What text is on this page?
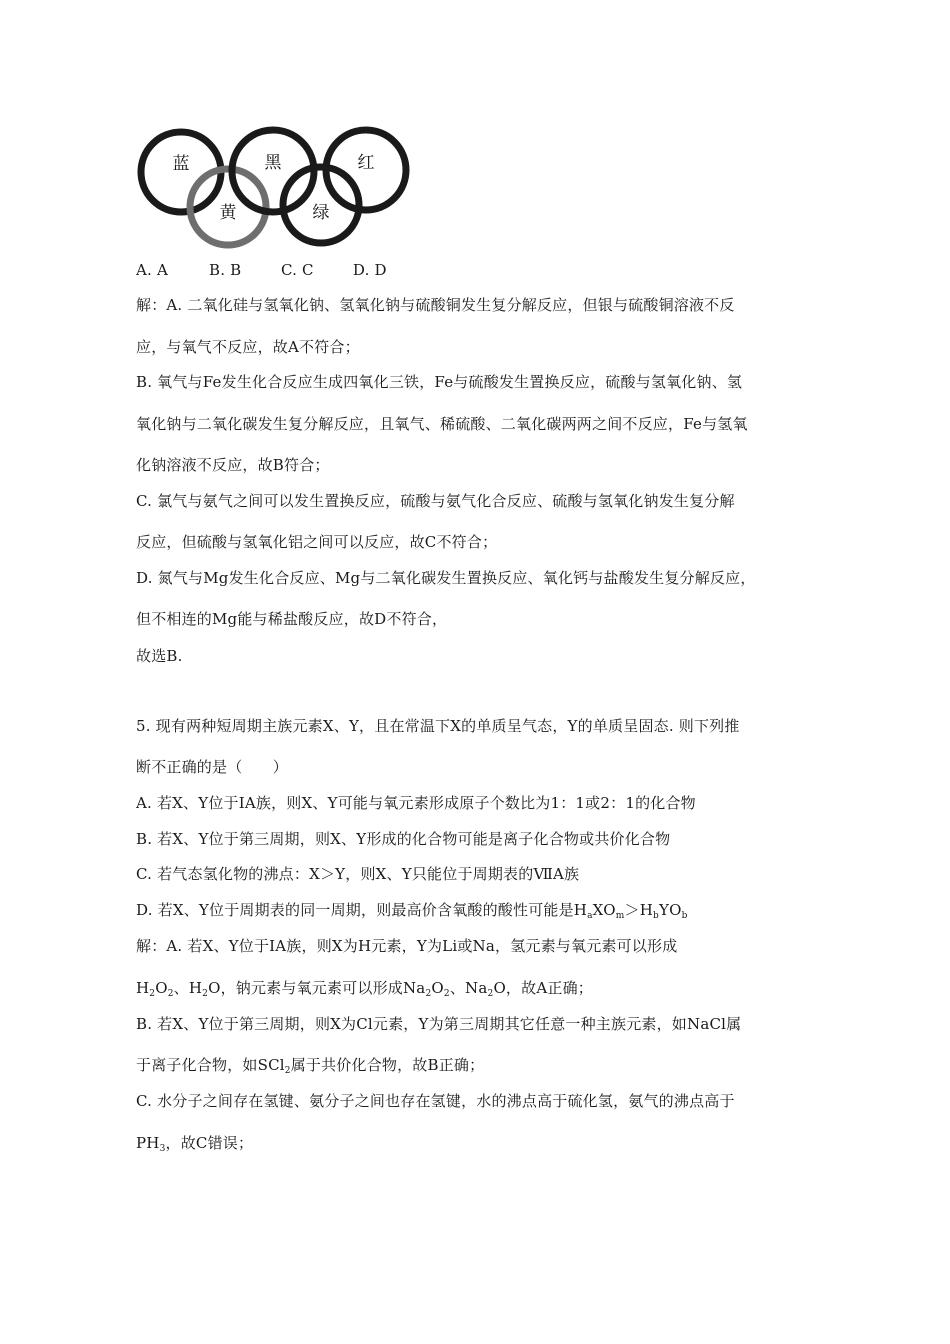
蓝	黑	红
黄	绿
A. A	B. B	C. C	D. D
解：A. 二氧化硅与氢氧化钠、氢氧化钠与硫酸铜发生复分解反应，但银与硫酸铜溶液不反
应，与氧气不反应，故A不符合；
B. 氧气与Fe发生化合反应生成四氧化三铁，Fe与硫酸发生置换反应，硫酸与氢氧化钠、氢
氧化钠与二氧化碳发生复分解反应，且氧气、稀硫酸、二氧化碳两两之间不反应，Fe与氢氧
化钠溶液不反应，故B符合；
C. 氯气与氨气之间可以发生置换反应，硫酸与氨气化合反应、硫酸与氢氧化钠发生复分解
反应，但硫酸与氢氧化铝之间可以反应，故C不符合；
D. 氮气与Mg发生化合反应、Mg与二氧化碳发生置换反应、氧化钙与盐酸发生复分解反应，
但不相连的Mg能与稀盐酸反应，故D不符合，
故选B.
5. 现有两种短周期主族元素X、Y，且在常温下X的单质呈气态，Y的单质呈固态. 则下列推
断不正确的是（　　）
A. 若X、Y位于ⅠA族，则X、Y可能与氧元素形成原子个数比为1：1或2：1的化合物
B. 若X、Y位于第三周期，则X、Y形成的化合物可能是离子化合物或共价化合物
C. 若气态氢化物的沸点：X＞Y，则X、Y只能位于周期表的ⅦA族
D. 若X、Y位于周期表的同一周期，则最高价含氧酸的酸性可能是$H_aXO_m>H_bYO_b$
解：A. 若X、Y位于ⅠA族，则X为H元素，Y为Li或Na，氢元素与氧元素可以形成
$H_2O_2$、$H_2O$，钠元素与氧元素可以形成$Na_2O_2$、$Na_2O$，故A正确；
B. 若X、Y位于第三周期，则X为Cl元素，Y为第三周期其它任意一种主族元素，如NaCl属
于离子化合物，如SCl$_2$属于共价化合物，故B正确；
C. 水分子之间存在氢键、氨分子之间也存在氢键，水的沸点高于硫化氢，氨气的沸点高于
$PH_3$，故C错误；
